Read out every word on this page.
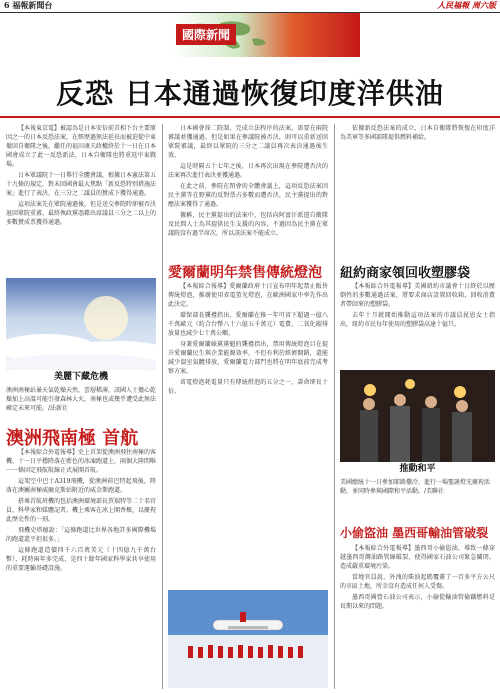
6 福報新聞台	人民福報 周六版
國際新聞
反恐 日本通過恢復印度洋供油

【本報東京電】被認為是日本安倍前首相下台主要原因之一的日本反恐法案，在經歷過無法延長而被迫從中東撤回自衛隊之後，繼任的福田康夫政權終於十一日在日本國會成立了此一反恐新法，日本自衛隊也將重返中東戰場。

日本眾議院十一日舉行全體會議，根據日本憲法第五十九條的規定，對未回國會最大焦點「新反恐特別措施法案」進行了表決，在三分之二議員的贊成下獲得通過。

這項法案先在眾院通過後，但是送交參院時卻被否決退回眾院重審，最終執政黨憑藉出席議員三分之二以上的多數贊成票獲得通過。

美麗下藏危機
澳洲南極站暴天氣乾燥天然，雲層稀薄，該國人士擔心乾燥加上高溫可能引發森林大火，南極也或幾乎遭受此無法確定未來可能。/法新社
澳洲飛南極 首航

【本報綜合外電報導】史上首架從澳洲飛往南極的客機，十一日平穩降落在藍色的冰凍跑道上，兩個大陸間唯一一條固定飛航航線正式展開首航。

這架空中巴士A319飛機，從澳洲荷巴特起飛後，降落在澳屬南極威爾克斯站附近的威金斯跑道。

搭乘首航班機的包括澳洲環境部長賈瑞特等二十名官員、科學家和媒體記者。機上乘客在冰上開香檳，以慶祝此歷史性的一刻。

飛機史塔德說：「這條跑道比世界各地許多國際機場的跑道還平坦很多。」

這條跑道造價四千六百萬美元（十四億九千萬台幣），耗時兩年多完成，是四十餘年國家科學家共享使用的重要運輸基礎設施。

日本國會採二院制，完成立法程序的法案，需要在兩院審議並獲通過。但是如果在參議院被否決，則可以重新送回眾院審議，最終以眾院的三分之二議員再次表決通過後生效。

這是時隔五十七年之後，日本再次出現在參院遭否決的法案再次進行表決並獲通過。

在此之前，參院在閉會的全體會議上，這項反恐法案因民主黨等在野黨的反對票占多數而遭否決，民主黨提出的對應法案獲得了通過。

據稱，民主黨提出的法案中，包括向阿富汗派遣自衛隊及民間人士為其提供民生支援的內容，不過因為民主黨在眾議院沒有過半席次，所以該法案不能成立。

愛爾蘭明年禁售傳統燈泡

【本報綜合報導】愛爾蘭政府十日宣布明年起禁止販售傳統燈泡，推廣使用省電螢光燈泡，在歐洲國家中率先作出此決定。

環保部長龔禮指出，愛爾蘭在推一年可省下超過一億八千萬歐元（約合台幣八十六億五千萬元）電費，二氧化碳排放量也減少七十萬公噸。

身兼愛爾蘭綠黨黨魁的龔禮指出，禁用傳統燈泡目在提升愛爾蘭民生與企業能源效率，不但有利於經濟開銷，還能減少溫室氣體排放，愛爾蘭電力部門也將在明年底前完成考察方案。

省電燈泡耗電量只有傳統燈泡的五分之一，壽命卻長十倍。

依據新反恐法案的成立，日本自衛隊將恢復在印度洋為美軍等多國部隊提供燃料補給。

紐約商家領回收塑膠袋

【本報綜合外電報導】美國紐約市議會十日終於以壓倒性的多數通過法案，將要求商店設置回收箱，回收消費者帶回來的塑膠袋。

去年十月就開始推動這項法案的市議員昆恩女士指出，紐約市民每年使用的塑膠袋高達十億只。

推動和平
美國總統十一日參加耶路撒冷，進行一場聖誕燈光慶祝活動，並同時參與國際和平活動。/美聯社
小偷盜油 墨西哥輸油管破裂

【本報綜合外電報導】墨西哥小偷盜油，導致一條穿越墨西哥灣油路管線破裂，使得國家石油公司緊急關閉，造成嚴重環境污染。

當地官員說，外洩的柴油起碼覆蓋了一百多平方公尺的市區土地，所幸沒有造成任何人受傷。

墨西哥國營石油公司表示，小偷從輸油管偷竊燃料是長期以來的問題。
